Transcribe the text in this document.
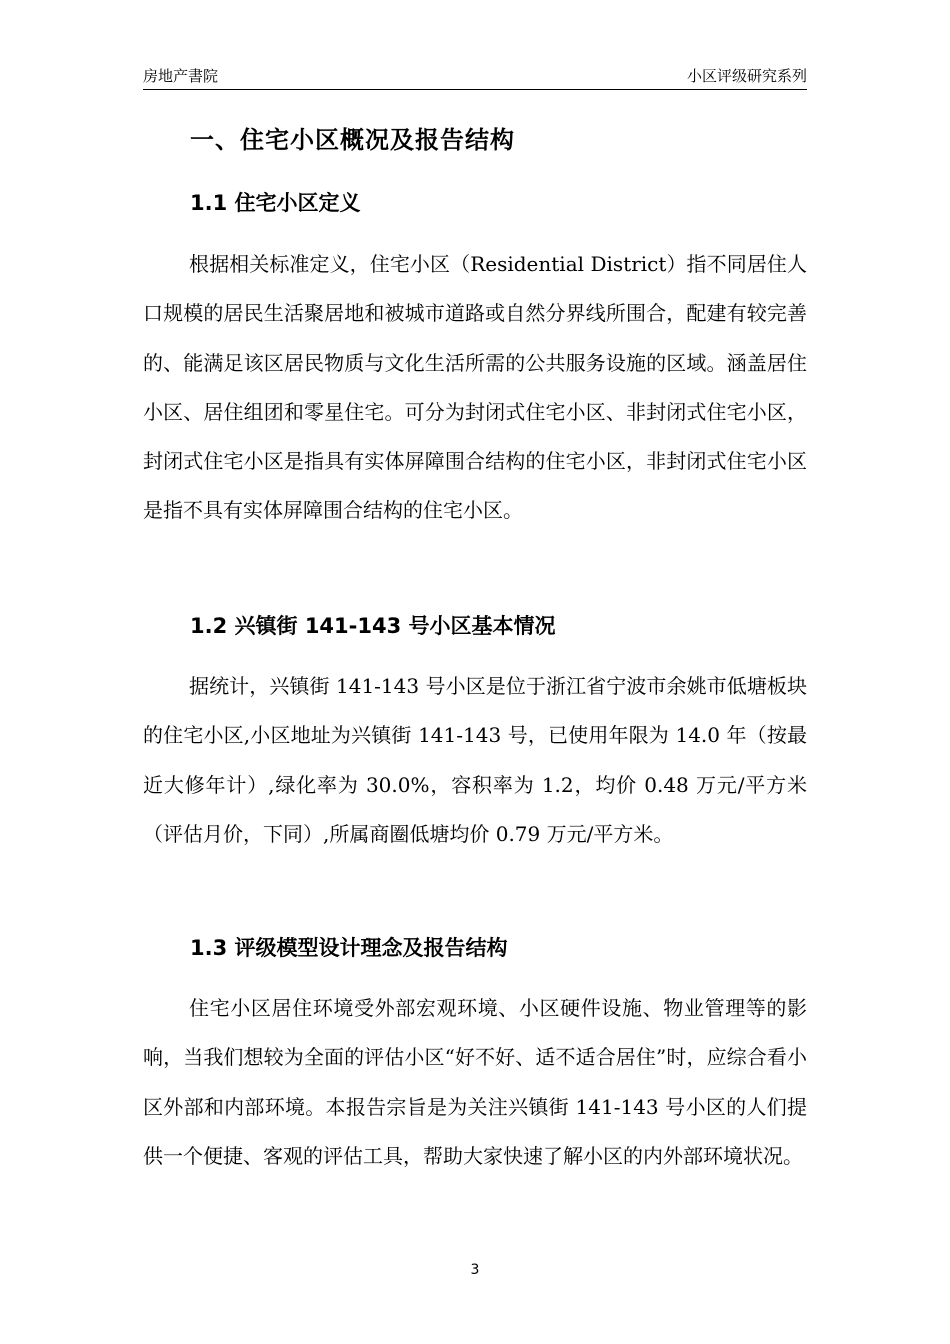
房地产書院	小区评级研究系列
一、住宅小区概况及报告结构
1.1 住宅小区定义

根据相关标准定义，住宅小区（Residential District）指不同居住人口规模的居民生活聚居地和被城市道路或自然分界线所围合，配建有较完善的、能满足该区居民物质与文化生活所需的公共服务设施的区域。涵盖居住小区、居住组团和零星住宅。可分为封闭式住宅小区、非封闭式住宅小区，封闭式住宅小区是指具有实体屏障围合结构的住宅小区，非封闭式住宅小区是指不具有实体屏障围合结构的住宅小区。

1.2 兴镇街 141-143 号小区基本情况

据统计，兴镇街 141-143 号小区是位于浙江省宁波市余姚市低塘板块的住宅小区,小区地址为兴镇街 141-143 号，已使用年限为 14.0 年（按最近大修年计）,绿化率为 30.0%，容积率为 1.2，均价 0.48 万元/平方米（评估月价，下同）,所属商圈低塘均价 0.79 万元/平方米。

1.3 评级模型设计理念及报告结构

住宅小区居住环境受外部宏观环境、小区硬件设施、物业管理等的影响，当我们想较为全面的评估小区“好不好、适不适合居住”时，应综合看小区外部和内部环境。本报告宗旨是为关注兴镇街 141-143 号小区的人们提供一个便捷、客观的评估工具，帮助大家快速了解小区的内外部环境状况。

3
